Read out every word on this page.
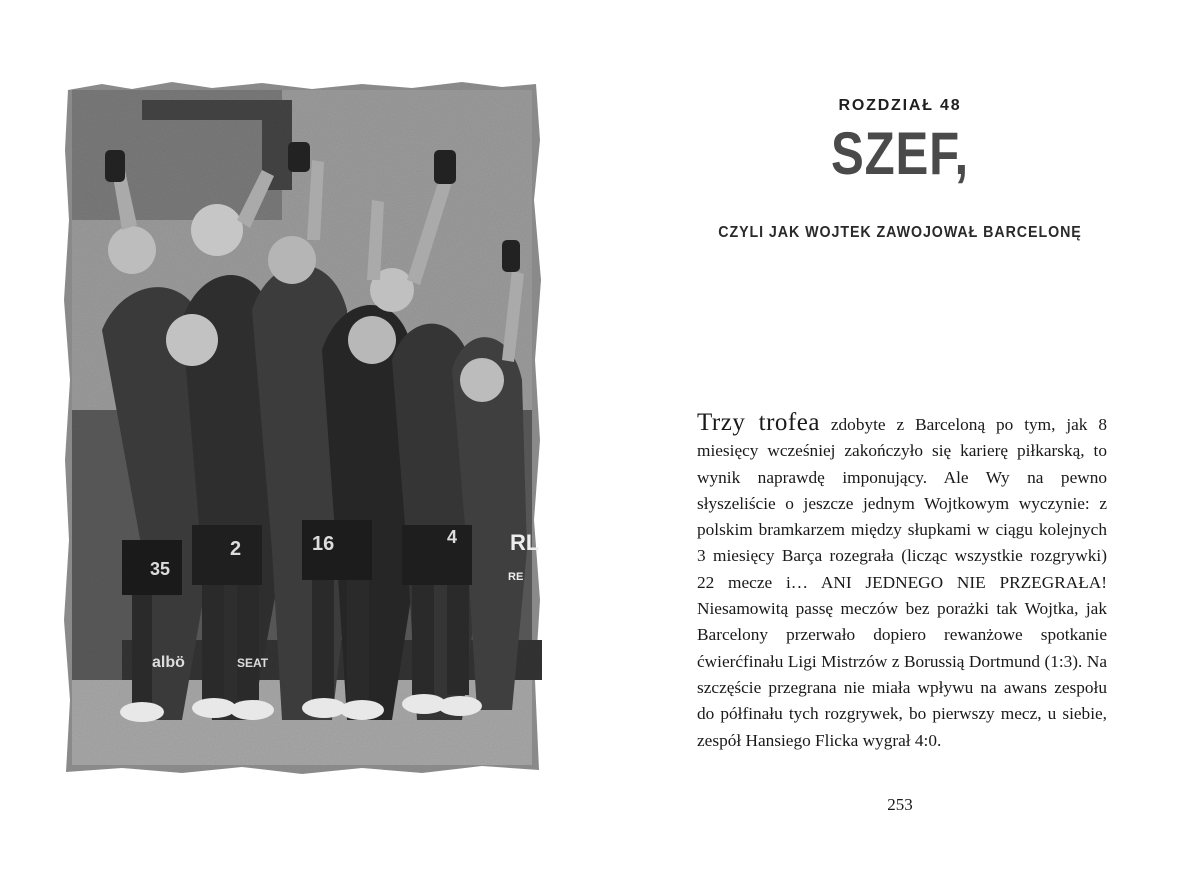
16
2
35
4
albö	SEAT
RL
RE
ROZDZIAŁ 48
SZEF,
CZYLI JAK WOJTEK ZAWOJOWAŁ BARCELONĘ
Trzy trofea zdobyte z Barceloną po tym, jak 8 miesięcy wcześniej zakończyło się karierę piłkarską, to wynik naprawdę imponujący. Ale Wy na pewno słyszeliście o jeszcze jednym Wojtkowym wyczynie: z polskim bramkarzem między słupkami w ciągu kolejnych 3 miesięcy Barça rozegrała (licząc wszystkie rozgrywki) 22 mecze i… ANI JEDNEGO NIE PRZEGRAŁA! Niesamowitą passę meczów bez porażki tak Wojtka, jak Barcelony przerwało dopiero rewanżowe spotkanie ćwierćfinału Ligi Mistrzów z Borussią Dortmund (1:3). Na szczęście przegrana nie miała wpływu na awans zespołu do półfinału tych rozgrywek, bo pierwszy mecz, u siebie, zespół Hansiego Flicka wygrał 4:0.
253
